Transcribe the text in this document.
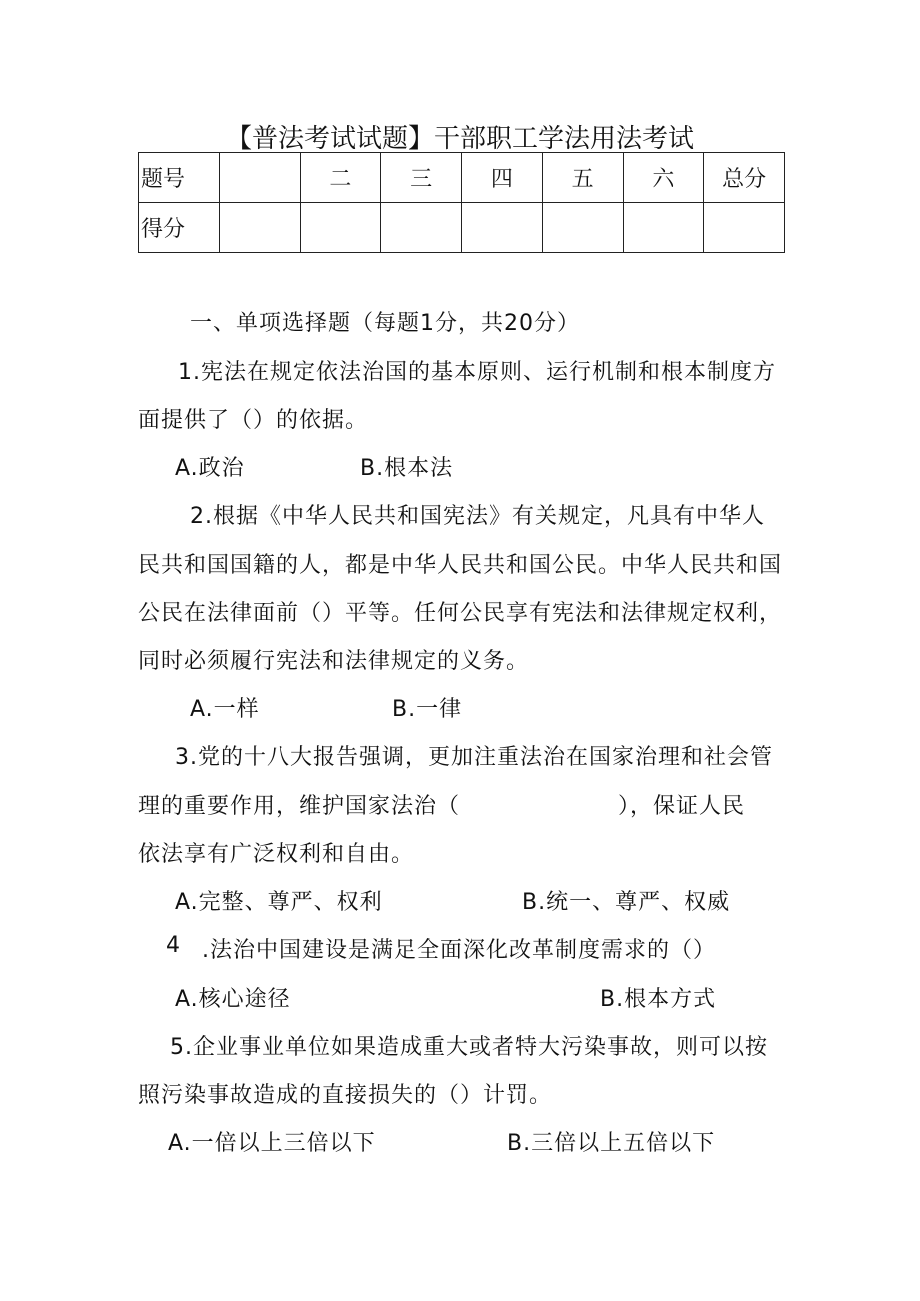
【普法考试试题】干部职工学法用法考试
题号		二	三	四	五	六	总分
得分							
一、单项选择题（每题1分，共20分）
1.宪法在规定依法治国的基本原则、运行机制和根本制度方
面提供了（）的依据。
A.政治	B.根本法
2.根据《中华人民共和国宪法》有关规定，凡具有中华人
民共和国国籍的人，都是中华人民共和国公民。中华人民共和国
公民在法律面前（）平等。任何公民享有宪法和法律规定权利，
同时必须履行宪法和法律规定的义务。
A.一样	B.一律
3.党的十八大报告强调，更加注重法治在国家治理和社会管
理的重要作用，维护国家法治（	），保证人民
依法享有广泛权利和自由。
A.完整、尊严、权利	B.统一、尊严、权威
4 .法治中国建设是满足全面深化改革制度需求的（）
A.核心途径	B.根本方式
5.企业事业单位如果造成重大或者特大污染事故，则可以按
照污染事故造成的直接损失的（）计罚。
A.一倍以上三倍以下	B.三倍以上五倍以下
